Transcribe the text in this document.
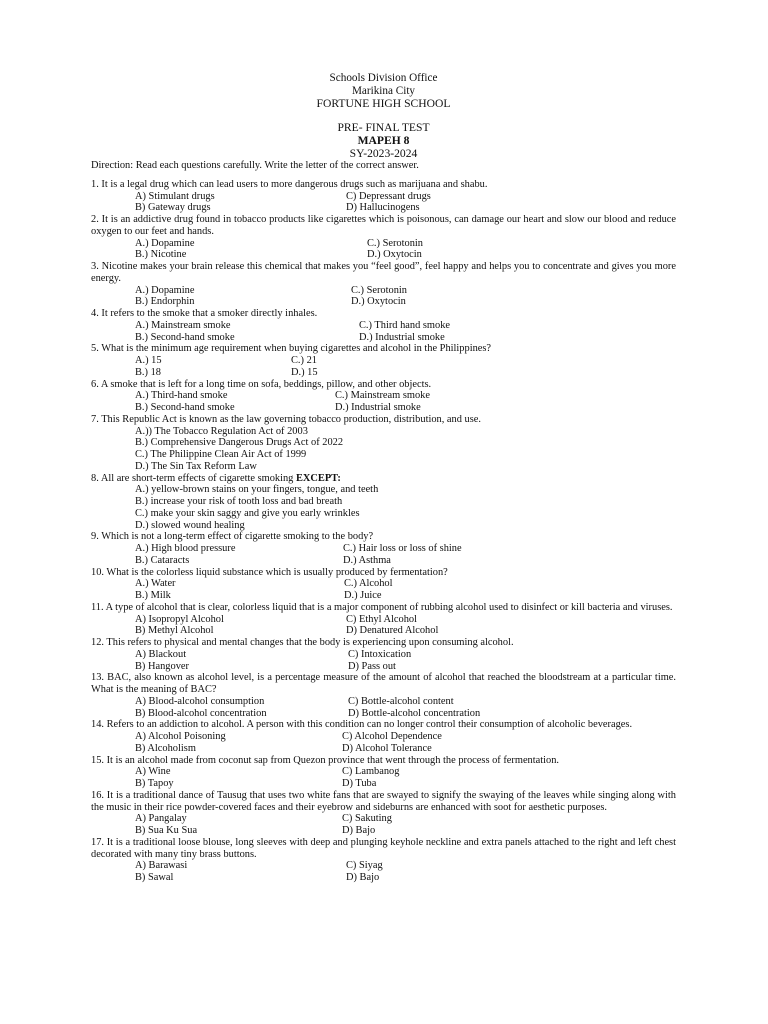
Schools Division Office
Marikina City
FORTUNE HIGH SCHOOL
PRE- FINAL TEST
MAPEH 8
SY-2023-2024
Direction: Read each questions carefully. Write the letter of the correct answer.
1. It is a legal drug which can lead users to more dangerous drugs such as marijuana and shabu.
A) Stimulant drugs	C) Depressant drugs
B) Gateway drugs	D) Hallucinogens
2. It is an addictive drug found in tobacco products like cigarettes which is poisonous, can damage our heart and slow our blood and reduce oxygen to our feet and hands.
A.) Dopamine	C.) Serotonin
B.) Nicotine	D.) Oxytocin
3. Nicotine makes your brain release this chemical that makes you “feel good”, feel happy and helps you to concentrate and gives you more energy.
A.) Dopamine	C.) Serotonin
B.) Endorphin	D.) Oxytocin
4. It refers to the smoke that a smoker directly inhales.
A.) Mainstream smoke	C.) Third hand smoke
B.) Second-hand smoke	D.) Industrial smoke
5. What is the minimum age requirement when buying cigarettes and alcohol in the Philippines?
A.) 15	C.) 21
B.) 18	D.) 15
6. A smoke that is left for a long time on sofa, beddings, pillow, and other objects.
A.) Third-hand smoke	C.) Mainstream smoke
B.) Second-hand smoke	D.) Industrial smoke
7. This Republic Act is known as the law governing tobacco production, distribution, and use.
A.)) The Tobacco Regulation Act of 2003
B.) Comprehensive Dangerous Drugs Act of 2022
C.) The Philippine Clean Air Act of 1999
D.) The Sin Tax Reform Law
8. All are short-term effects of cigarette smoking EXCEPT:
A.) yellow-brown stains on your fingers, tongue, and teeth
B.) increase your risk of tooth loss and bad breath
C.) make your skin saggy and give you early wrinkles
D.) slowed wound healing
9. Which is not a long-term effect of cigarette smoking to the body?
A.) High blood pressure	C.) Hair loss or loss of shine
B.) Cataracts	D.) Asthma
10. What is the colorless liquid substance which is usually produced by fermentation?
A.) Water	C.) Alcohol
B.) Milk	D.) Juice
11. A type of alcohol that is clear, colorless liquid that is a major component of rubbing alcohol used to disinfect or kill bacteria and viruses.
A) Isopropyl Alcohol	C) Ethyl Alcohol
B) Methyl Alcohol	D) Denatured Alcohol
12. This refers to physical and mental changes that the body is experiencing upon consuming alcohol.
A) Blackout	C) Intoxication
B) Hangover	D) Pass out
13. BAC, also known as alcohol level, is a percentage measure of the amount of alcohol that reached the bloodstream at a particular time. What is the meaning of BAC?
A) Blood-alcohol consumption	C) Bottle-alcohol content
B) Blood-alcohol concentration	D) Bottle-alcohol concentration
14. Refers to an addiction to alcohol. A person with this condition can no longer control their consumption of alcoholic beverages.
A) Alcohol Poisoning	C) Alcohol Dependence
B) Alcoholism	D) Alcohol Tolerance
15. It is an alcohol made from coconut sap from Quezon province that went through the process of fermentation.
A) Wine	C) Lambanog
B) Tapoy	D) Tuba
16. It is a traditional dance of Tausug that uses two white fans that are swayed to signify the swaying of the leaves while singing along with the music in their rice powder-covered faces and their eyebrow and sideburns are enhanced with soot for aesthetic purposes.
A) Pangalay	C) Sakuting
B) Sua Ku Sua	D) Bajo
17. It is a traditional loose blouse, long sleeves with deep and plunging keyhole neckline and extra panels attached to the right and left chest decorated with many tiny brass buttons.
A) Barawasi	C) Siyag
B) Sawal	D) Bajo
